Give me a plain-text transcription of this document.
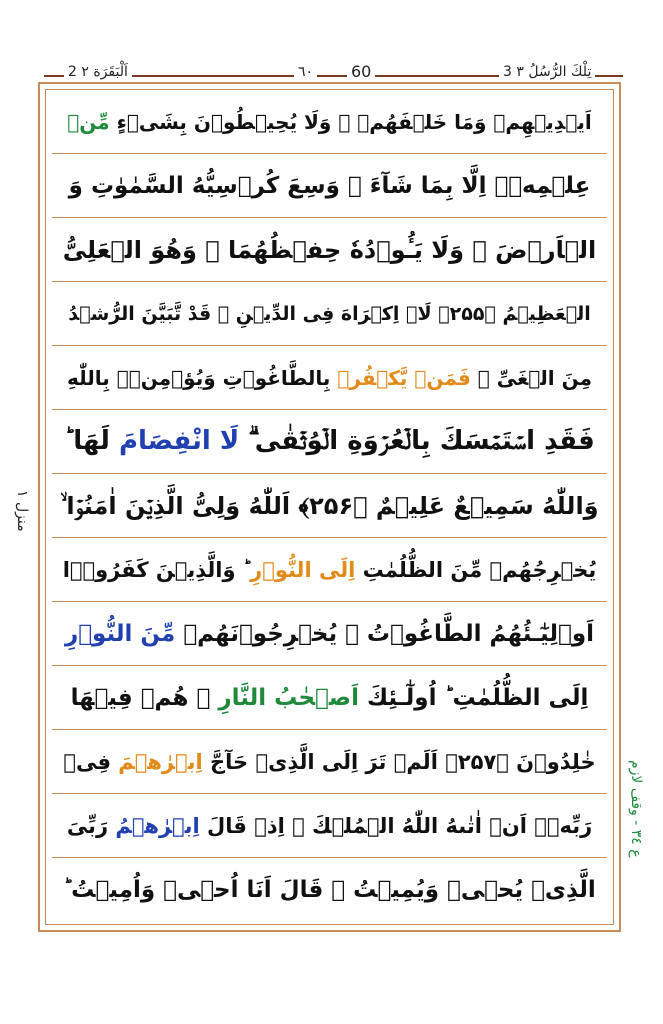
2 اَلْبَقَرَة ٢	٦٠ 60	3 تِلْكَ الرُّسُلُ ٣
منزل ۱
ع ٣٤ - وقف لازم
اَيۡدِيۡهِمۡ وَمَا خَلۡفَهُمۡ ۚ وَلَا يُحِيۡطُوۡنَ بِشَىۡءٍ مِّنۡ
عِلۡمِهٖۤ اِلَّا بِمَا شَآءَ ۚ وَسِعَ كُرۡسِيُّهُ السَّمٰوٰتِ وَ
الۡاَرۡضَ ۚ وَلَا يَـُٔوۡدُهٗ حِفۡظُهُمَا ۚ وَهُوَ الۡعَلِىُّ
الۡعَظِيۡمُ ﴿۲۵۵﴾ لَاۤ اِكۡرَاهَ فِى الدِّيۡنِ ۙ قَدْ تَّبَيَّنَ الرُّشۡدُ
مِنَ الۡغَىِّ ۚ فَمَنۡ يَّكۡفُرۡ بِالطَّاغُوۡتِ وَيُؤۡمِنۡۢ بِاللّٰهِ
فَقَدِ اسۡتَمۡسَكَ بِالۡعُرۡوَةِ الۡوُثۡقٰى ۗ لَا انْفِصَامَ لَهَا ؕ
وَاللّٰهُ سَمِيۡعٌ عَلِيۡمٌ ﴿۲۵۶﴾ اَللّٰهُ وَلِىُّ الَّذِيۡنَ اٰمَنُوۡا ۙ
يُخۡرِجُهُمۡ مِّنَ الظُّلُمٰتِ اِلَى النُّوۡرِ ؕ وَالَّذِيۡنَ كَفَرُوۡۤا
اَوۡلِيٰٓـئُهُمُ الطَّاغُوۡتُ ۙ يُخۡرِجُوۡنَهُمۡ مِّنَ النُّوۡرِ
اِلَى الظُّلُمٰتِ ؕ اُولٰٓـئِكَ اَصۡحٰبُ النَّارِ ۚ هُمۡ فِيۡهَا
خٰلِدُوۡنَ ﴿۲۵۷﴾ اَلَمۡ تَرَ اِلَى الَّذِىۡ حَآجَّ اِبۡرٰهٖمَ فِىۡ
رَبِّهٖۤ اَنۡ اٰتٰٮهُ اللّٰهُ الۡمُلۡكَ ۘ اِذۡ قَالَ اِبۡرٰهٖمُ رَبِّىَ
الَّذِىۡ يُحۡىٖ وَيُمِيۡتُ ۙ قَالَ اَنَا اُحۡىٖ وَاُمِيۡتُ ؕ
